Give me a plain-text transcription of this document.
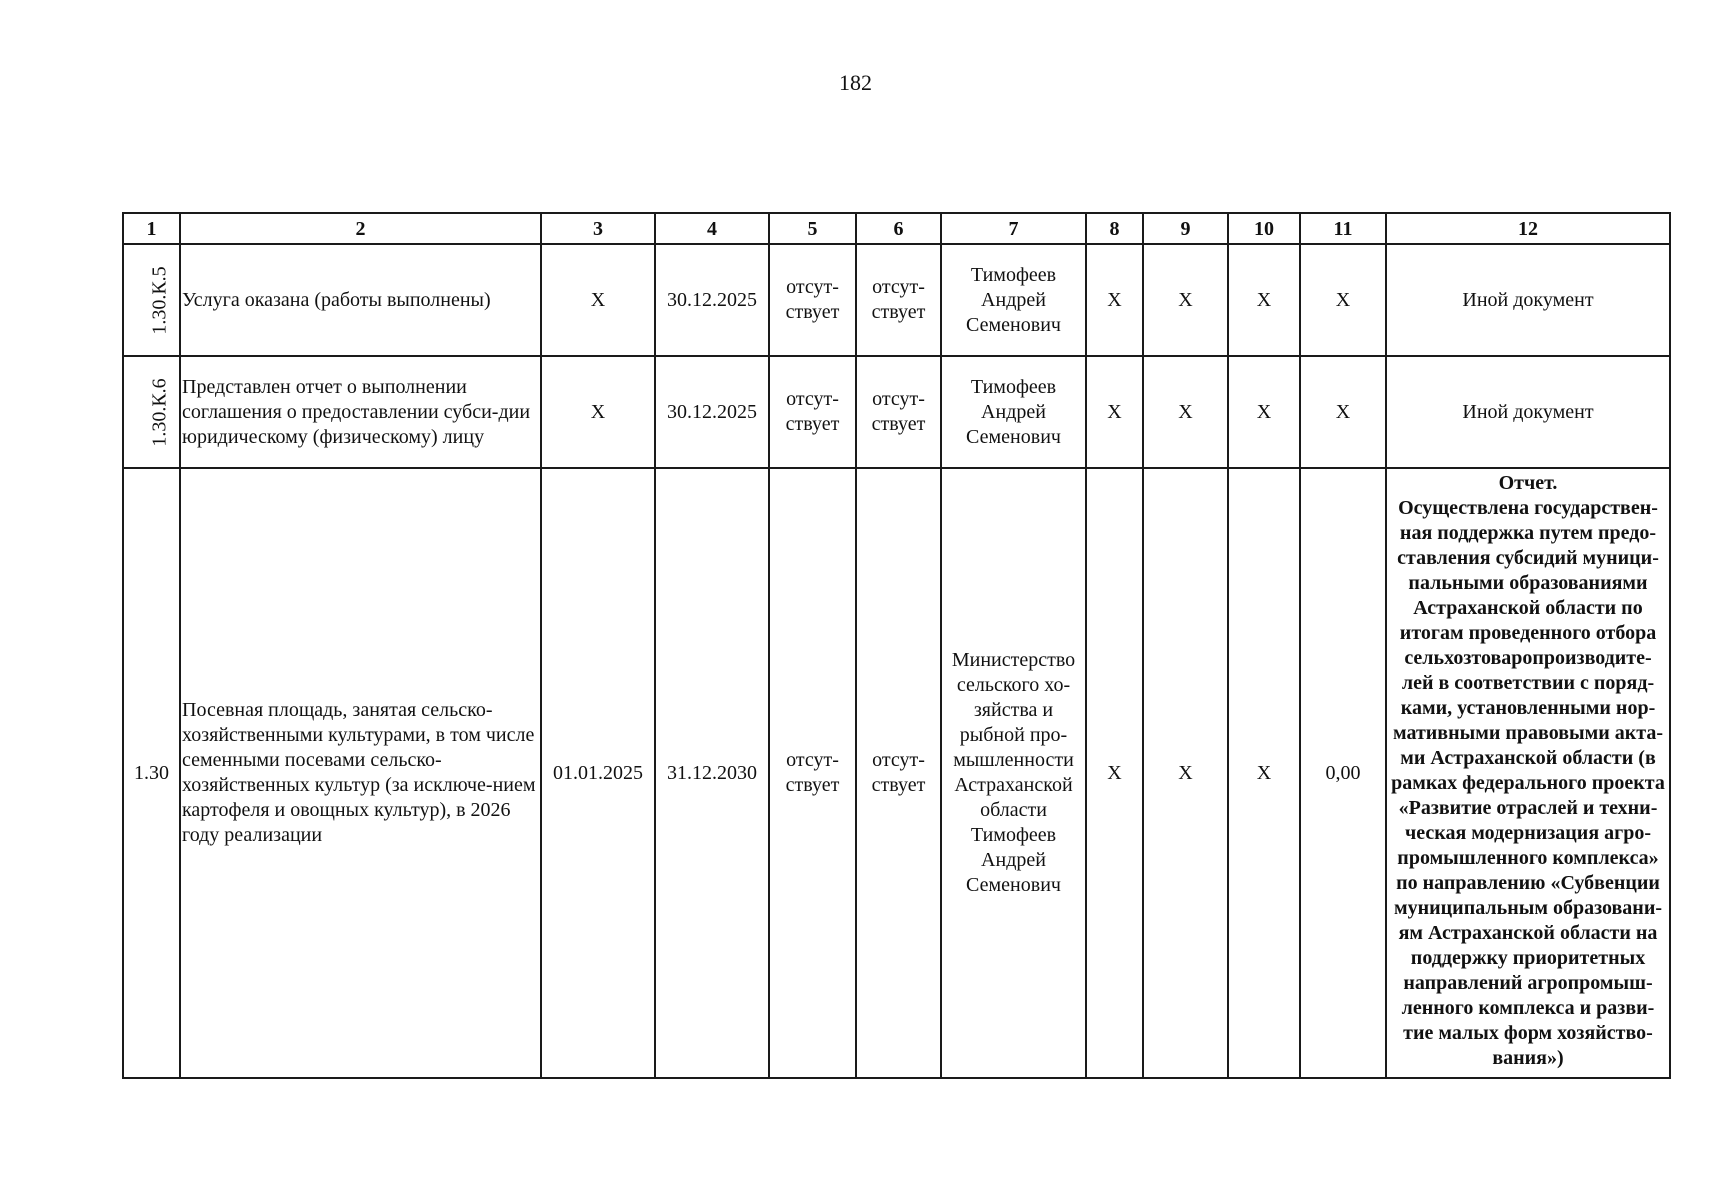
182
1	2	3	4	5	6	7	8	9	10	11	12
1.30.К.5	Услуга оказана (работы выполнены)	X	30.12.2025	отсут-ствует	отсут-ствует	Тимофеев Андрей Семенович	X	X	X	X	Иной документ
1.30.К.6	Представлен отчет о выполнении соглашения о предоставлении субси-дии юридическому (физическому) лицу	X	30.12.2025	отсут-ствует	отсут-ствует	Тимофеев Андрей Семенович	X	X	X	X	Иной документ
1.30	Посевная площадь, занятая сельско-хозяйственными культурами, в том числе семенными посевами сельско-хозяйственных культур (за исключе-нием картофеля и овощных культур), в 2026 году реализации	01.01.2025	31.12.2030	отсут-ствует	отсут-ствует	Министерство сельского хо-зяйства и рыбной про-мышленности Астраханской области Тимофеев Андрей Семенович	X	X	X	0,00	Отчет.
Осуществлена государствен-ная поддержка путем предо-ставления субсидий муници-пальными образованиями Астраханской области по итогам проведенного отбора сельхозтоваропроизводите-лей в соответствии с поряд-ками, установленными нор-мативными правовыми акта-ми Астраханской области (в рамках федерального проекта «Развитие отраслей и техни-ческая модернизация агро-промышленного комплекса» по направлению «Субвенции муниципальным образовани-ям Астраханской области на поддержку приоритетных направлений агропромыш-ленного комплекса и разви-тие малых форм хозяйство-вания»)
